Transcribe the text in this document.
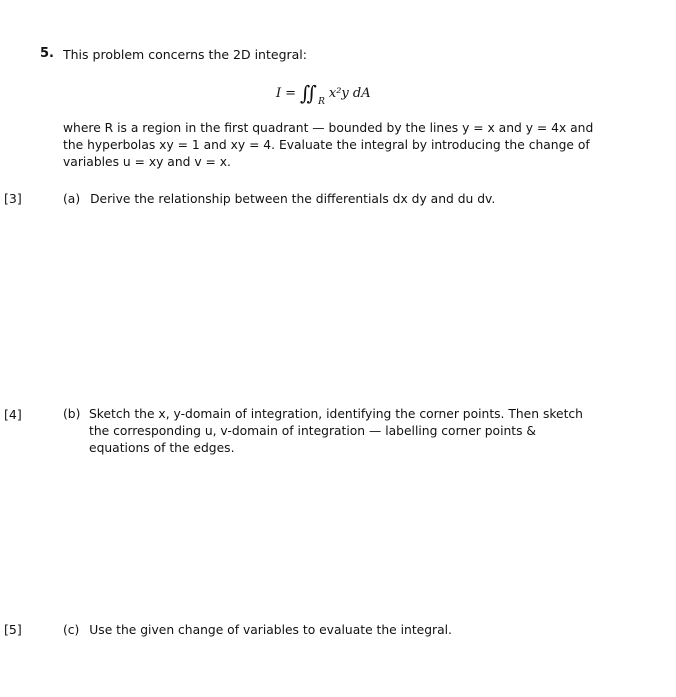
5. This problem concerns the 2D integral:
I = ∬ R
x²y dA
where R is a region in the first quadrant — bounded by the lines y = x and y = 4x and the hyperbolas xy = 1 and xy = 4. Evaluate the integral by introducing the change of variables u = xy and v = x.
[3]	(a) Derive the relationship between the differentials dx dy and du dv.
[4]	(b) Sketch the x, y-domain of integration, identifying the corner points. Then sketch the corresponding u, v-domain of integration — labelling corner points & equations of the edges.
[5]	(c) Use the given change of variables to evaluate the integral.
